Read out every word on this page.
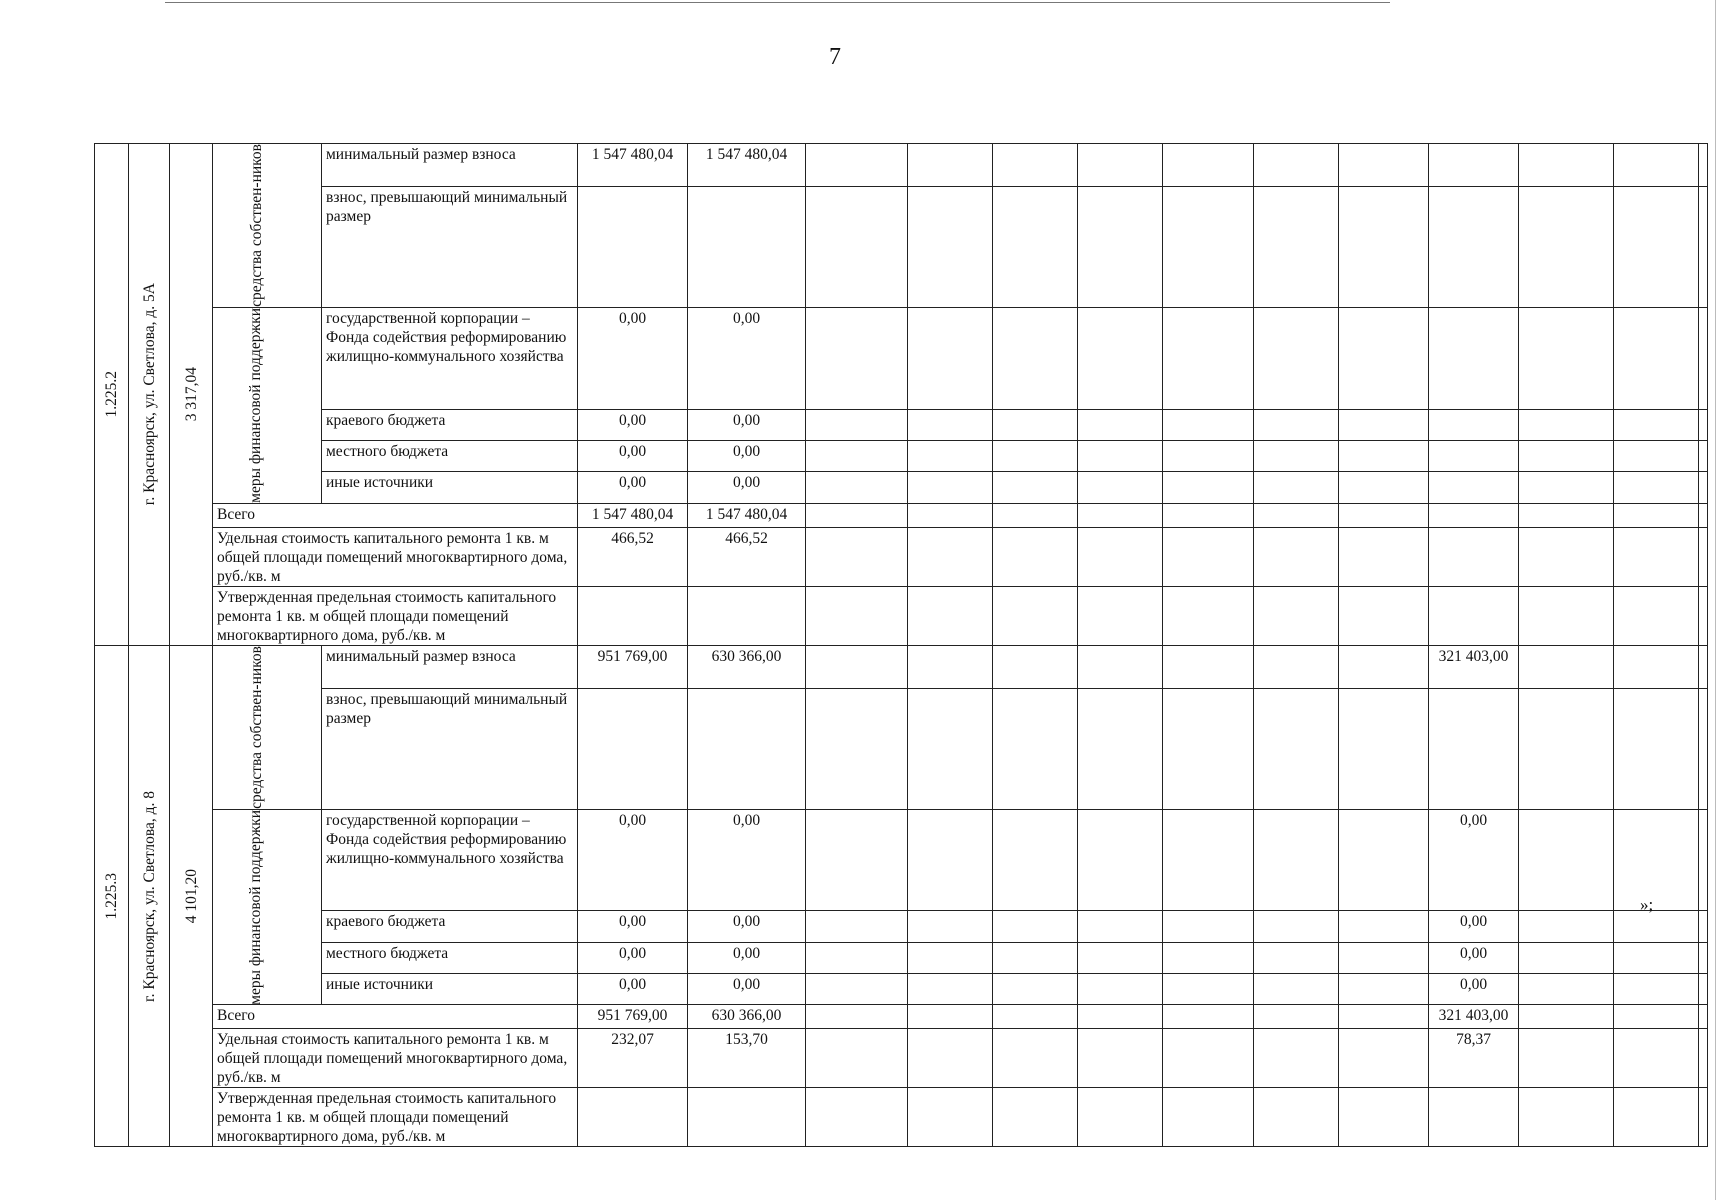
7
1.225.2	г. Красноярск, ул. Светлова, д. 5А	3 317,04	средства собствен-ников	минимальный размер взноса	1 547 480,04	1 547 480,04											
				взнос, превышающий минимальный размер													

			меры финансовой поддержки	государственной корпорации – Фонда содействия реформированию жилищно-коммунального хозяйства	0,00	0,00											
				краевого бюджета	0,00	0,00											
				местного бюджета	0,00	0,00											
				иные источники	0,00	0,00											
			Всего		1 547 480,04	1 547 480,04											
			Удельная стоимость капитального ремонта 1 кв. м общей площади помещений многоквартирного дома, руб./кв. м		466,52	466,52											
			Утвержденная предельная стоимость капитального ремонта 1 кв. м общей площади помещений многоквартирного дома, руб./кв. м														

1.225.3	г. Красноярск, ул. Светлова, д. 8	4 101,20	средства собствен-ников	минимальный размер взноса	951 769,00	630 366,00								321 403,00			
				взнос, превышающий минимальный размер													

			меры финансовой поддержки	государственной корпорации – Фонда содействия реформированию жилищно-коммунального хозяйства	0,00	0,00								0,00			
				краевого бюджета	0,00	0,00								0,00			
				местного бюджета	0,00	0,00								0,00			
				иные источники	0,00	0,00								0,00			
			Всего		951 769,00	630 366,00								321 403,00			
			Удельная стоимость капитального ремонта 1 кв. м общей площади помещений многоквартирного дома, руб./кв. м		232,07	153,70								78,37			
			Утвержденная предельная стоимость капитального ремонта 1 кв. м общей площади помещений многоквартирного дома, руб./кв. м														
»;
